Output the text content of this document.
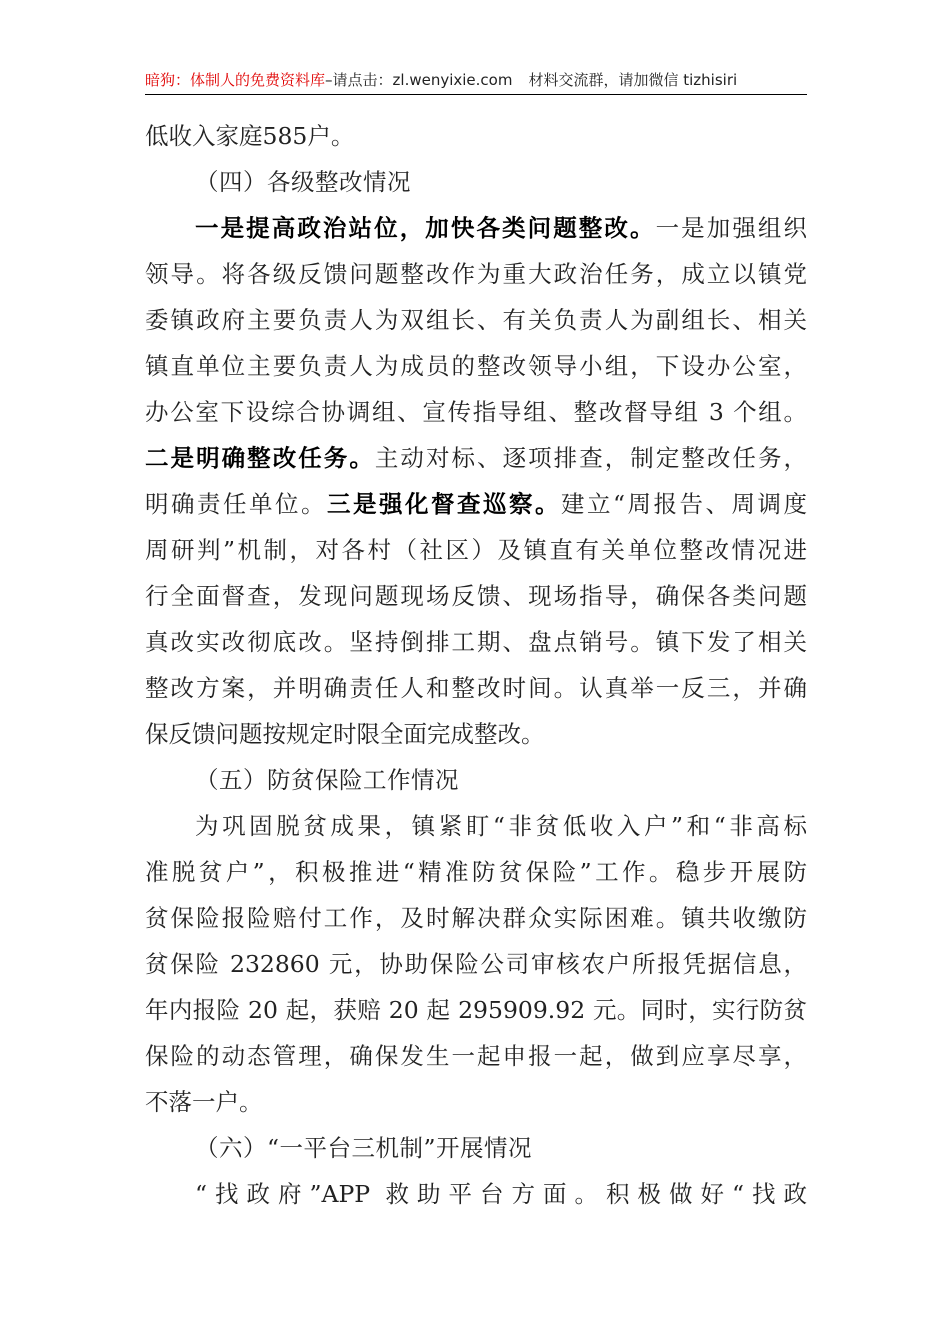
暗狗：体制人的免费资料库–请点击：zl.wenyixie.com 材料交流群，请加微信 tizhisiri
低收入家庭585户。
（四）各级整改情况
一是提高政治站位，加快各类问题整改。一是加强组织
领导。将各级反馈问题整改作为重大政治任务，成立以镇党
委镇政府主要负责人为双组长、有关负责人为副组长、相关
镇直单位主要负责人为成员的整改领导小组，下设办公室，
办公室下设综合协调组、宣传指导组、整改督导组 3 个组。
二是明确整改任务。主动对标、逐项排查，制定整改任务，
明确责任单位。三是强化督查巡察。建立“周报告、周调度
周研判”机制，对各村（社区）及镇直有关单位整改情况进
行全面督查，发现问题现场反馈、现场指导，确保各类问题
真改实改彻底改。坚持倒排工期、盘点销号。镇下发了相关
整改方案，并明确责任人和整改时间。认真举一反三，并确
保反馈问题按规定时限全面完成整改。
（五）防贫保险工作情况
为巩固脱贫成果，镇紧盯“非贫低收入户”和“非高标
准脱贫户”，积极推进“精准防贫保险”工作。稳步开展防
贫保险报险赔付工作，及时解决群众实际困难。镇共收缴防
贫保险 232860 元，协助保险公司审核农户所报凭据信息，
年内报险 20 起，获赔 20 起 295909.92 元。同时，实行防贫
保险的动态管理，确保发生一起申报一起，做到应享尽享，
不落一户。
（六）“一平台三机制”开展情况
“找政府”APP 救助平台方面。积极做好“找政
